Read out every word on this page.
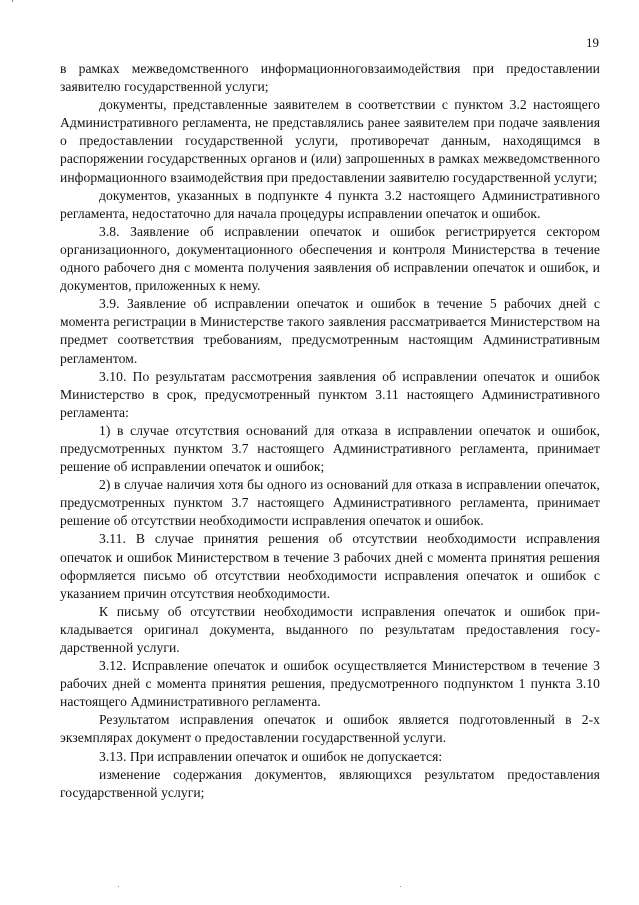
19

в рамках межведомственного информационноговзаимодействия при предоставлении заявителю государственной услуги;

документы, представленные заявителем в соответствии с пунктом 3.2 настоящего Административного регламента, не представлялись ранее заявителем при подаче заявления о предоставлении государственной услуги, противоречат данным, находящимся в распоряжении государственных органов и (или) запрошенных в рамках межведомственного информационного взаимодействия при предоставлении заявителю государственной услуги;

документов, указанных в подпункте 4 пункта 3.2 настоящего Административного регламента, недостаточно для начала процедуры исправлении опечаток и ошибок.

3.8. Заявление об исправлении опечаток и ошибок регистрируется сектором организационного, документационного обеспечения и контроля Министерства в течение одного рабочего дня с момента получения заявления об исправлении опечаток и ошибок, и документов, приложенных к нему.

3.9. Заявление об исправлении опечаток и ошибок в течение 5 рабочих дней с момента регистрации в Министерстве такого заявления рассматривается Министерством на предмет соответствия требованиям, предусмотренным настоящим Административным регламентом.

3.10. По результатам рассмотрения заявления об исправлении опечаток и ошибок Министерство в срок, предусмотренный пунктом 3.11 настоящего Административного регламента:

1) в случае отсутствия оснований для отказа в исправлении опечаток и ошибок, предусмотренных пунктом 3.7 настоящего Административного регламента, принимает решение об исправлении опечаток и ошибок;

2) в случае наличия хотя бы одного из оснований для отказа в исправлении опечаток, предусмотренных пунктом 3.7 настоящего Административного регламента, принимает решение об отсутствии необходимости исправления опечаток и ошибок.

3.11. В случае принятия решения об отсутствии необходимости исправления опечаток и ошибок Министерством в течение 3 рабочих дней с момента принятия решения оформляется письмо об отсутствии необходимости исправления опечаток и ошибок с указанием причин отсутствия необходимости.

К письму об отсутствии необходимости исправления опечаток и ошибок прикладывается оригинал документа, выданного по результатам предоставления государственной услуги.

3.12. Исправление опечаток и ошибок осуществляется Министерством в течение 3 рабочих дней с момента принятия решения, предусмотренного подпунктом 1 пункта 3.10 настоящего Административного регламента.

Результатом исправления опечаток и ошибок является подготовленный в 2-х экземплярах документ о предоставлении государственной услуги.

3.13. При исправлении опечаток и ошибок не допускается:

изменение содержания документов, являющихся результатом предоставления государственной услуги;
